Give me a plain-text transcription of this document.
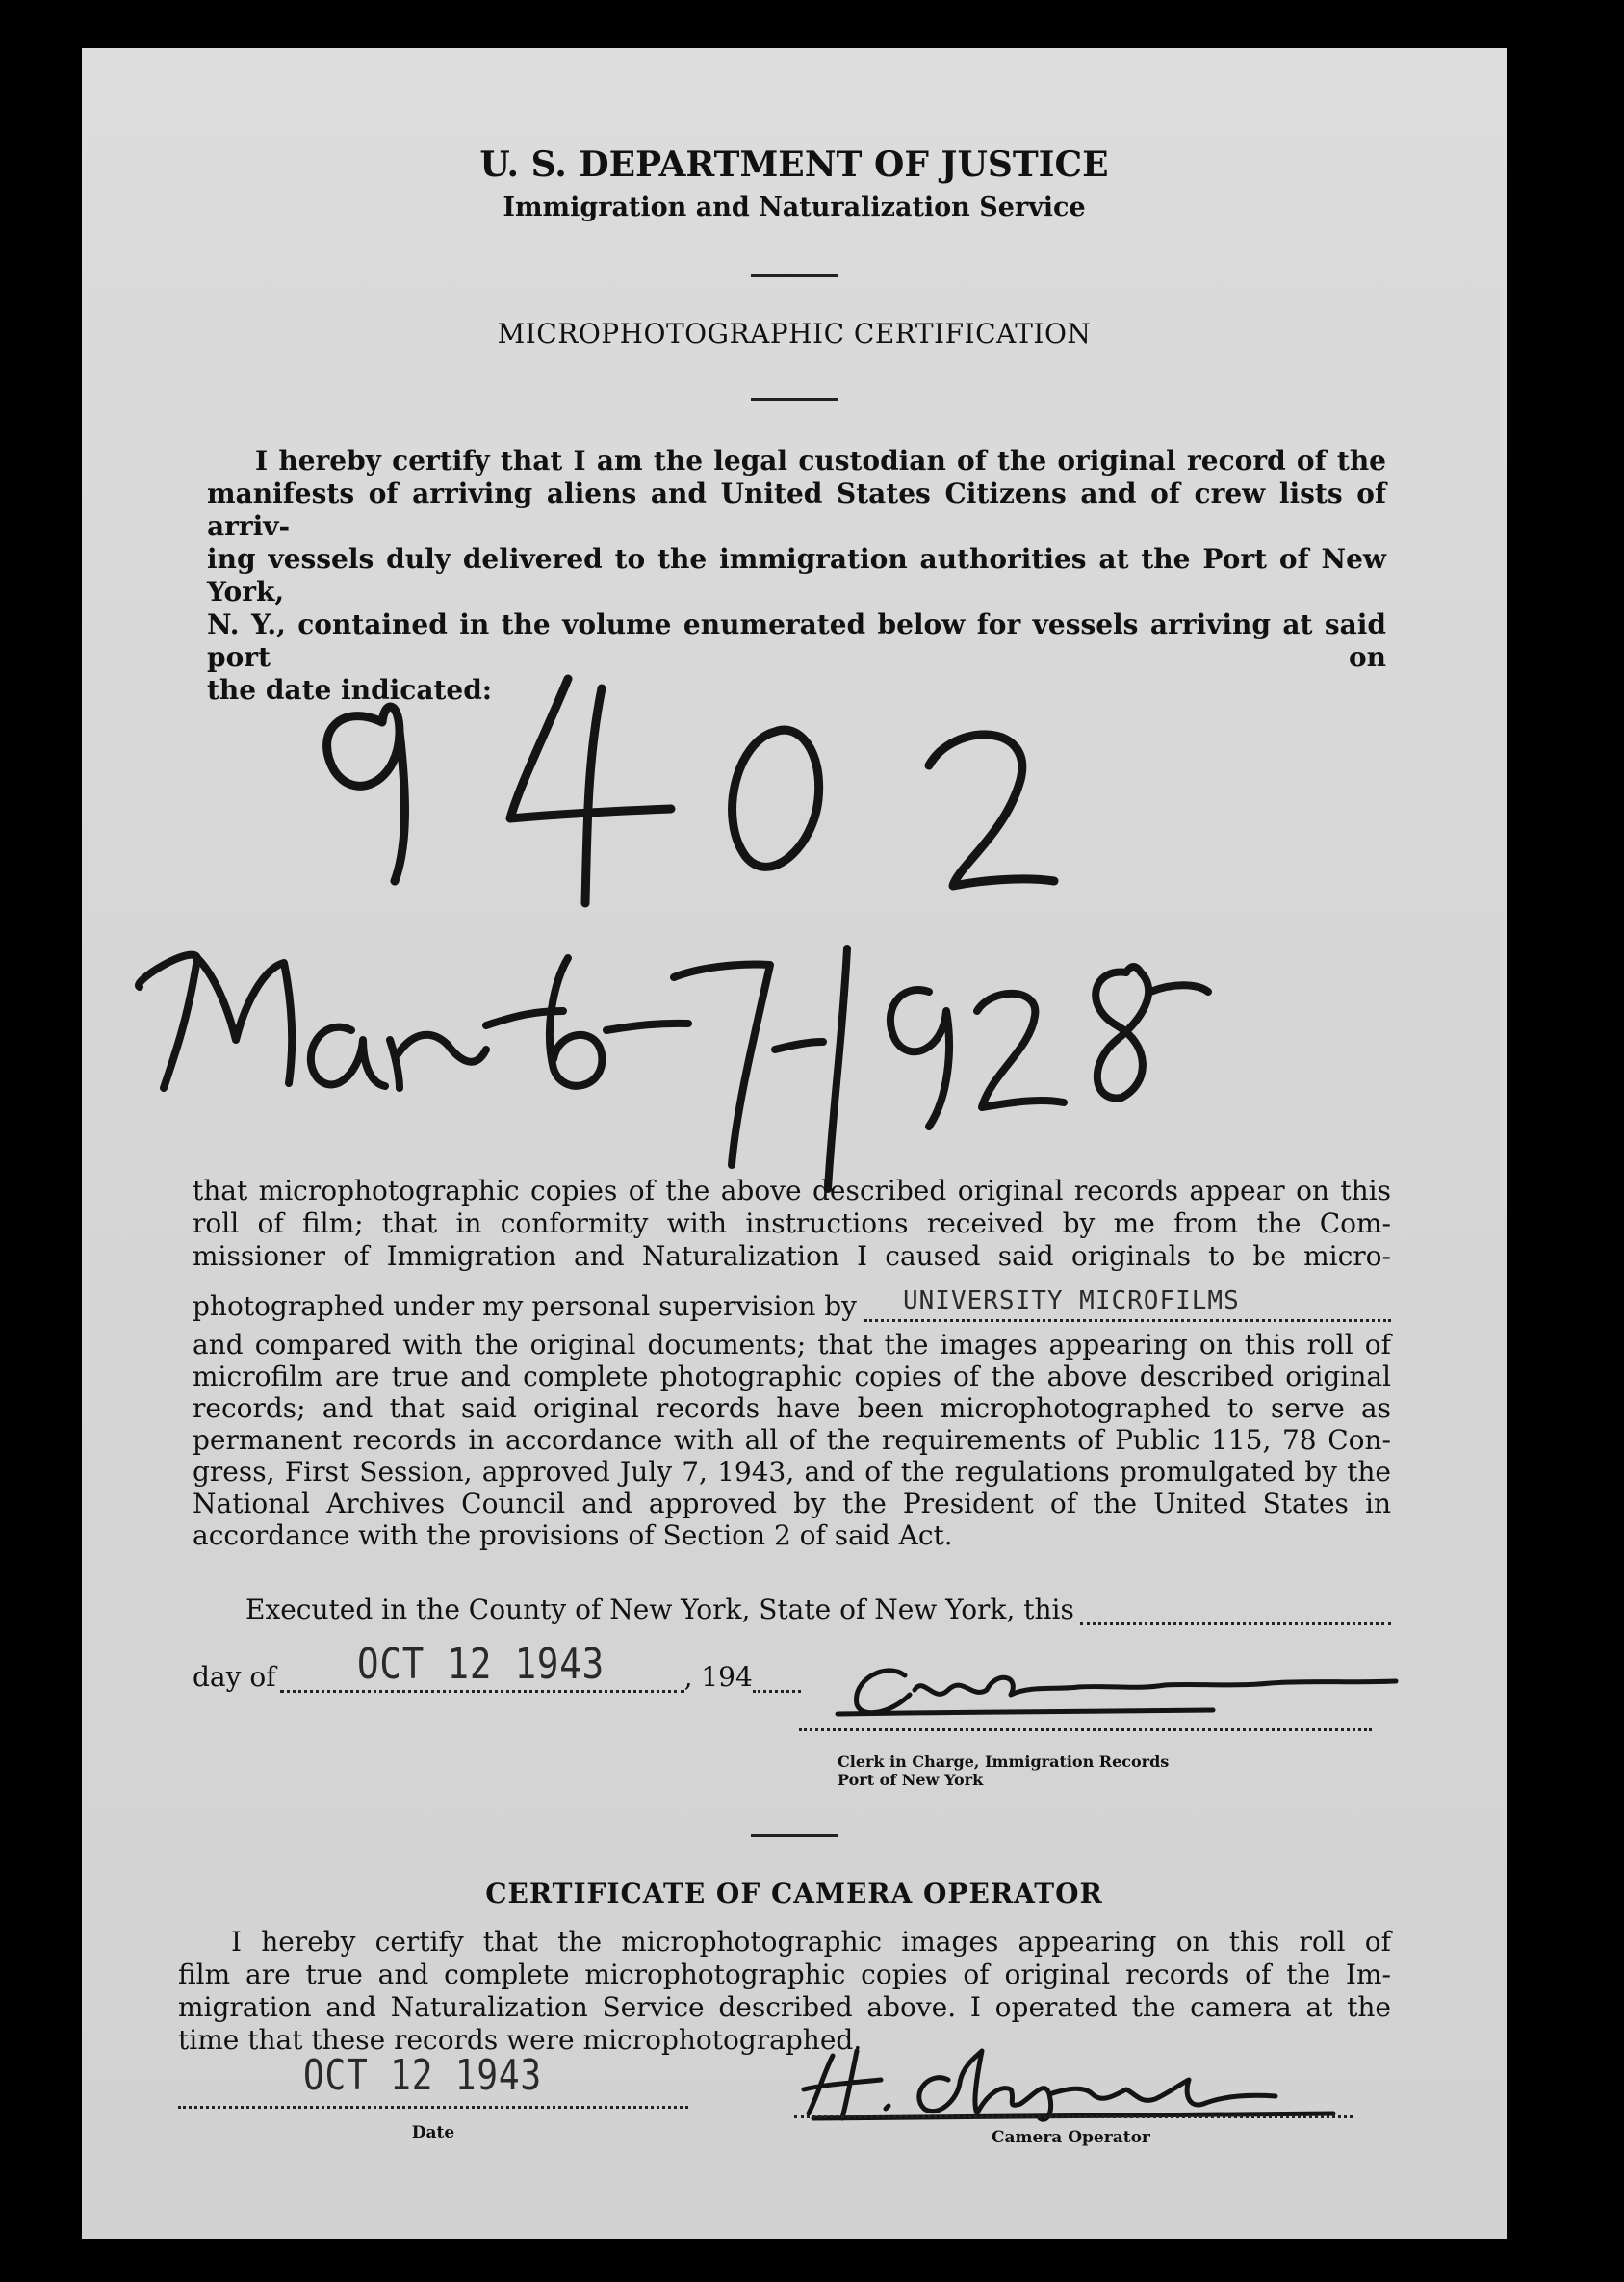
U. S. DEPARTMENT OF JUSTICE
Immigration and Naturalization Service
MICROPHOTOGRAPHIC CERTIFICATION
I hereby certify that I am the legal custodian of the original record of the
manifests of arriving aliens and United States Citizens and of crew lists of arriv-
ing vessels duly delivered to the immigration authorities at the Port of New York,
N. Y., contained in the volume enumerated below for vessels arriving at said port on
the date indicated:
Mar-6-7-1928
that microphotographic copies of the above described original records appear on this
roll of film; that in conformity with instructions received by me from the Com-
missioner of Immigration and Naturalization I caused said originals to be micro-
photographed under my personal supervision by UNIVERSITY MICROFILMS
and compared with the original documents; that the images appearing on this roll of
microfilm are true and complete photographic copies of the above described original
records; and that said original records have been microphotographed to serve as
permanent records in accordance with all of the requirements of Public 115, 78 Con-
gress, First Session, approved July 7, 1943, and of the regulations promulgated by the
National Archives Council and approved by the President of the United States in
accordance with the provisions of Section 2 of said Act.
Executed in the County of New York, State of New York, this
day of OCT 12 1943	, 194
Clerk in Charge, Immigration Records
Port of New York
CERTIFICATE OF CAMERA OPERATOR
I hereby certify that the microphotographic images appearing on this roll of
film are true and complete microphotographic copies of original records of the Im-
migration and Naturalization Service described above. I operated the camera at the
time that these records were microphotographed.
OCT 12 1943
Date	Camera Operator
